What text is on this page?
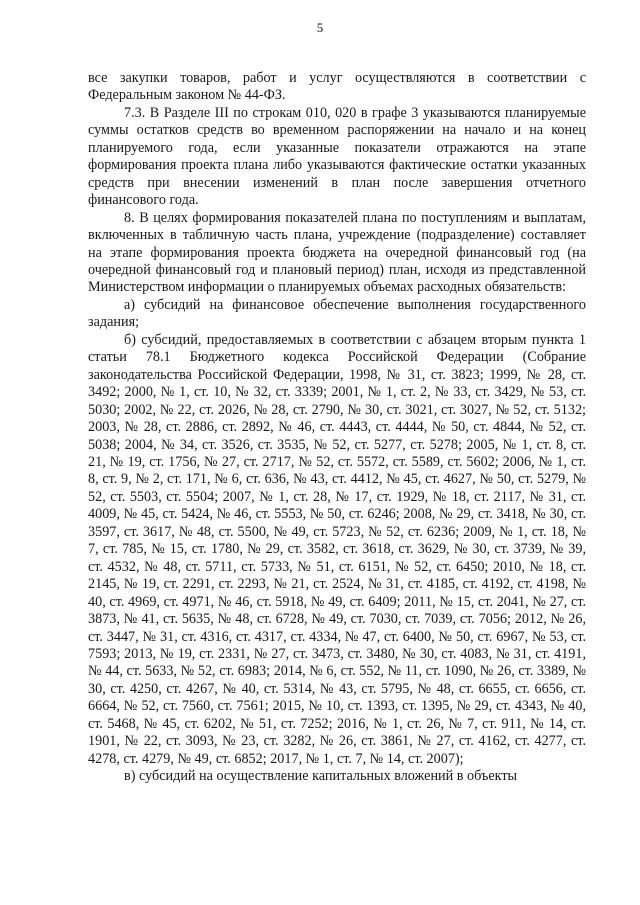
5

все закупки товаров, работ и услуг осуществляются в соответствии с Федеральным законом № 44-ФЗ.

7.3. В Разделе III по строкам 010, 020 в графе 3 указываются планируемые суммы остатков средств во временном распоряжении на начало и на конец планируемого года, если указанные показатели отражаются на этапе формирования проекта плана либо указываются фактические остатки указанных средств при внесении изменений в план после завершения отчетного финансового года.

8. В целях формирования показателей плана по поступлениям и выплатам, включенных в табличную часть плана, учреждение (подразделение) составляет на этапе формирования проекта бюджета на очередной финансовый год (на очередной финансовый год и плановый период) план, исходя из представленной Министерством информации о планируемых объемах расходных обязательств:

а) субсидий на финансовое обеспечение выполнения государственного задания;

б) субсидий, предоставляемых в соответствии с абзацем вторым пункта 1 статьи 78.1 Бюджетного кодекса Российской Федерации (Собрание законодательства Российской Федерации, 1998, № 31, ст. 3823; 1999, № 28, ст. 3492; 2000, № 1, ст. 10, № 32, ст. 3339; 2001, № 1, ст. 2, № 33, ст. 3429, № 53, ст. 5030; 2002, № 22, ст. 2026, № 28, ст. 2790, № 30, ст. 3021, ст. 3027, № 52, ст. 5132; 2003, № 28, ст. 2886, ст. 2892, № 46, ст. 4443, ст. 4444, № 50, ст. 4844, № 52, ст. 5038; 2004, № 34, ст. 3526, ст. 3535, № 52, ст. 5277, ст. 5278; 2005, № 1, ст. 8, ст. 21, № 19, ст. 1756, № 27, ст. 2717, № 52, ст. 5572, ст. 5589, ст. 5602; 2006, № 1, ст. 8, ст. 9, № 2, ст. 171, № 6, ст. 636, № 43, ст. 4412, № 45, ст. 4627, № 50, ст. 5279, № 52, ст. 5503, ст. 5504; 2007, № 1, ст. 28, № 17, ст. 1929, № 18, ст. 2117, № 31, ст. 4009, № 45, ст. 5424, № 46, ст. 5553, № 50, ст. 6246; 2008, № 29, ст. 3418, № 30, ст. 3597, ст. 3617, № 48, ст. 5500, № 49, ст. 5723, № 52, ст. 6236; 2009, № 1, ст. 18, № 7, ст. 785, № 15, ст. 1780, № 29, ст. 3582, ст. 3618, ст. 3629, № 30, ст. 3739, № 39, ст. 4532, № 48, ст. 5711, ст. 5733, № 51, ст. 6151, № 52, ст. 6450; 2010, № 18, ст. 2145, № 19, ст. 2291, ст. 2293, № 21, ст. 2524, № 31, ст. 4185, ст. 4192, ст. 4198, № 40, ст. 4969, ст. 4971, № 46, ст. 5918, № 49, ст. 6409; 2011, № 15, ст. 2041, № 27, ст. 3873, № 41, ст. 5635, № 48, ст. 6728, № 49, ст. 7030, ст. 7039, ст. 7056; 2012, № 26, ст. 3447, № 31, ст. 4316, ст. 4317, ст. 4334, № 47, ст. 6400, № 50, ст. 6967, № 53, ст. 7593; 2013, № 19, ст. 2331, № 27, ст. 3473, ст. 3480, № 30, ст. 4083, № 31, ст. 4191, № 44, ст. 5633, № 52, ст. 6983; 2014, № 6, ст. 552, № 11, ст. 1090, № 26, ст. 3389, № 30, ст. 4250, ст. 4267, № 40, ст. 5314, № 43, ст. 5795, № 48, ст. 6655, ст. 6656, ст. 6664, № 52, ст. 7560, ст. 7561; 2015, № 10, ст. 1393, ст. 1395, № 29, ст. 4343, № 40, ст. 5468, № 45, ст. 6202, № 51, ст. 7252; 2016, № 1, ст. 26, № 7, ст. 911, № 14, ст. 1901, № 22, ст. 3093, № 23, ст. 3282, № 26, ст. 3861, № 27, ст. 4162, ст. 4277, ст. 4278, ст. 4279, № 49, ст. 6852; 2017, № 1, ст. 7, № 14, ст. 2007);

в) субсидий на осуществление капитальных вложений в объекты
